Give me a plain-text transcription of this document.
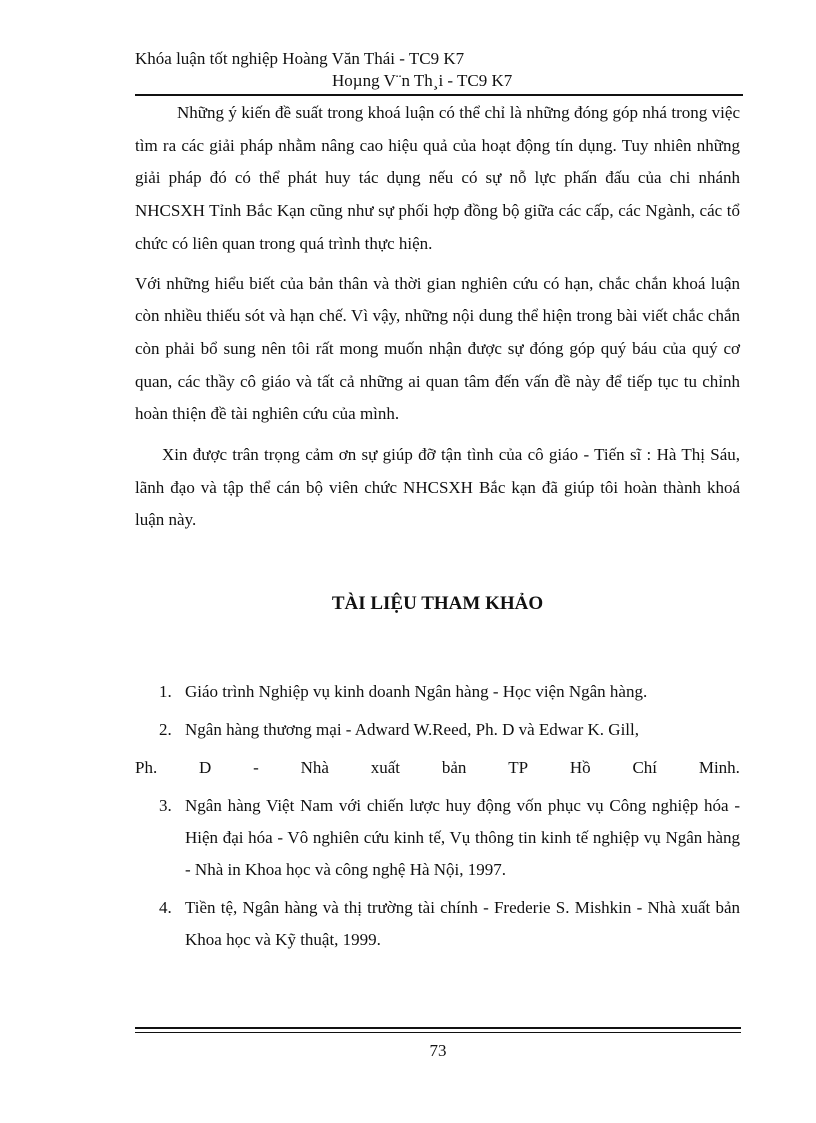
Khóa luận tốt nghiệp Hoàng Văn Thái - TC9 K7
Hoµng V¨n Th¸i - TC9 K7

Những ý kiến đề suất trong khoá luận có thể chỉ là những đóng góp nhá trong việc tìm ra các giải pháp nhằm nâng cao hiệu quả của hoạt động tín dụng. Tuy nhiên những giải pháp đó có thể phát huy tác dụng nếu có sự nỗ lực phấn đấu của chi nhánh NHCSXH Tỉnh Bắc Kạn cũng như sự phối hợp đồng bộ giữa các cấp, các Ngành, các tổ chức có liên quan trong quá trình thực hiện.

Với những hiểu biết của bản thân và thời gian nghiên cứu có hạn, chắc chắn khoá luận còn nhiều thiếu sót và hạn chế. Vì vậy, những nội dung thể hiện trong bài viết chắc chắn còn phải bổ sung nên tôi rất mong muốn nhận được sự đóng góp quý báu của quý cơ quan, các thầy cô giáo và tất cả những ai quan tâm đến vấn đề này để tiếp tục tu chỉnh hoàn thiện đề tài nghiên cứu của mình.

Xin được trân trọng cảm ơn sự giúp đỡ tận tình của cô giáo - Tiến sĩ : Hà Thị Sáu, lãnh đạo và tập thể cán bộ viên chức NHCSXH Bắc kạn đã giúp tôi hoàn thành khoá luận này.

TÀI LIỆU THAM KHẢO
1. Giáo trình Nghiệp vụ kinh doanh Ngân hàng - Học viện Ngân hàng.
2. Ngân hàng thương mại - Adward W.Reed, Ph. D và Edwar K. Gill,
Ph. D - Nhà xuất bản TP Hồ Chí Minh.
3. Ngân hàng Việt Nam với chiến lược huy động vốn phục vụ Công nghiệp hóa - Hiện đại hóa - Vô nghiên cứu kinh tế, Vụ thông tin kinh tế nghiệp vụ Ngân hàng - Nhà in Khoa học và công nghệ Hà Nội, 1997.
4. Tiền tệ, Ngân hàng và thị trường tài chính - Frederie S. Mishkin - Nhà xuất bản Khoa học và Kỹ thuật, 1999.
73
